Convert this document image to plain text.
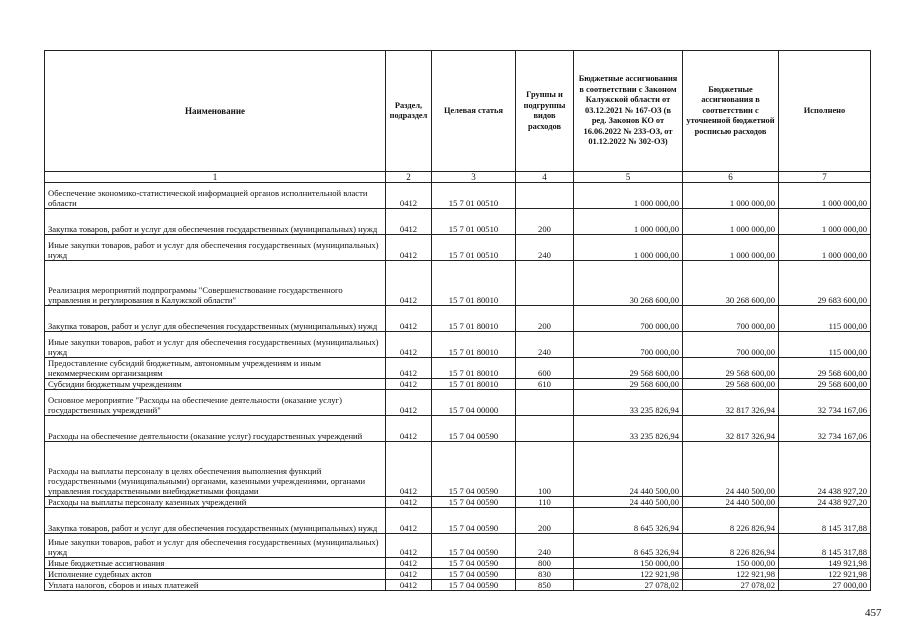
Наименование	Раздел, подраздел	Целевая статья	Группы и подгруппы видов расходов	Бюджетные ассигнования в соответствии с Законом Калужской области от 03.12.2021 № 167-ОЗ (в ред. Законов КО от 16.06.2022 № 233-ОЗ, от 01.12.2022 № 302-ОЗ)	Бюджетные ассигнования в соответствии с уточненной бюджетной росписью расходов	Исполнено
1	2	3	4	5	6	7
Обеспечение экономико-статистической информацией органов исполнительной власти области	0412	15 7 01 00510		1 000 000,00	1 000 000,00	1 000 000,00
Закупка товаров, работ и услуг для обеспечения государственных (муниципальных) нужд	0412	15 7 01 00510	200	1 000 000,00	1 000 000,00	1 000 000,00
Иные закупки товаров, работ и услуг для обеспечения государственных (муниципальных) нужд	0412	15 7 01 00510	240	1 000 000,00	1 000 000,00	1 000 000,00
Реализация мероприятий подпрограммы "Совершенствование государственного управления и регулирования в Калужской области"	0412	15 7 01 80010		30 268 600,00	30 268 600,00	29 683 600,00
Закупка товаров, работ и услуг для обеспечения государственных (муниципальных) нужд	0412	15 7 01 80010	200	700 000,00	700 000,00	115 000,00
Иные закупки товаров, работ и услуг для обеспечения государственных (муниципальных) нужд	0412	15 7 01 80010	240	700 000,00	700 000,00	115 000,00
Предоставление субсидий бюджетным, автономным учреждениям и иным некоммерческим организациям	0412	15 7 01 80010	600	29 568 600,00	29 568 600,00	29 568 600,00
Субсидии бюджетным учреждениям	0412	15 7 01 80010	610	29 568 600,00	29 568 600,00	29 568 600,00
Основное мероприятие "Расходы на обеспечение деятельности (оказание услуг) государственных учреждений"	0412	15 7 04 00000		33 235 826,94	32 817 326,94	32 734 167,06
Расходы на обеспечение деятельности (оказание услуг) государственных учреждений	0412	15 7 04 00590		33 235 826,94	32 817 326,94	32 734 167,06
Расходы на выплаты персоналу в целях обеспечения выполнения функций государственными (муниципальными) органами, казенными учреждениями, органами управления государственными внебюджетными фондами	0412	15 7 04 00590	100	24 440 500,00	24 440 500,00	24 438 927,20
Расходы на выплаты персоналу казенных учреждений	0412	15 7 04 00590	110	24 440 500,00	24 440 500,00	24 438 927,20
Закупка товаров, работ и услуг для обеспечения государственных (муниципальных) нужд	0412	15 7 04 00590	200	8 645 326,94	8 226 826,94	8 145 317,88
Иные закупки товаров, работ и услуг для обеспечения государственных (муниципальных) нужд	0412	15 7 04 00590	240	8 645 326,94	8 226 826,94	8 145 317,88
Иные бюджетные ассигнования	0412	15 7 04 00590	800	150 000,00	150 000,00	149 921,98
Исполнение судебных актов	0412	15 7 04 00590	830	122 921,98	122 921,98	122 921,98
Уплата налогов, сборов и иных платежей	0412	15 7 04 00590	850	27 078,02	27 078,02	27 000,00
457
